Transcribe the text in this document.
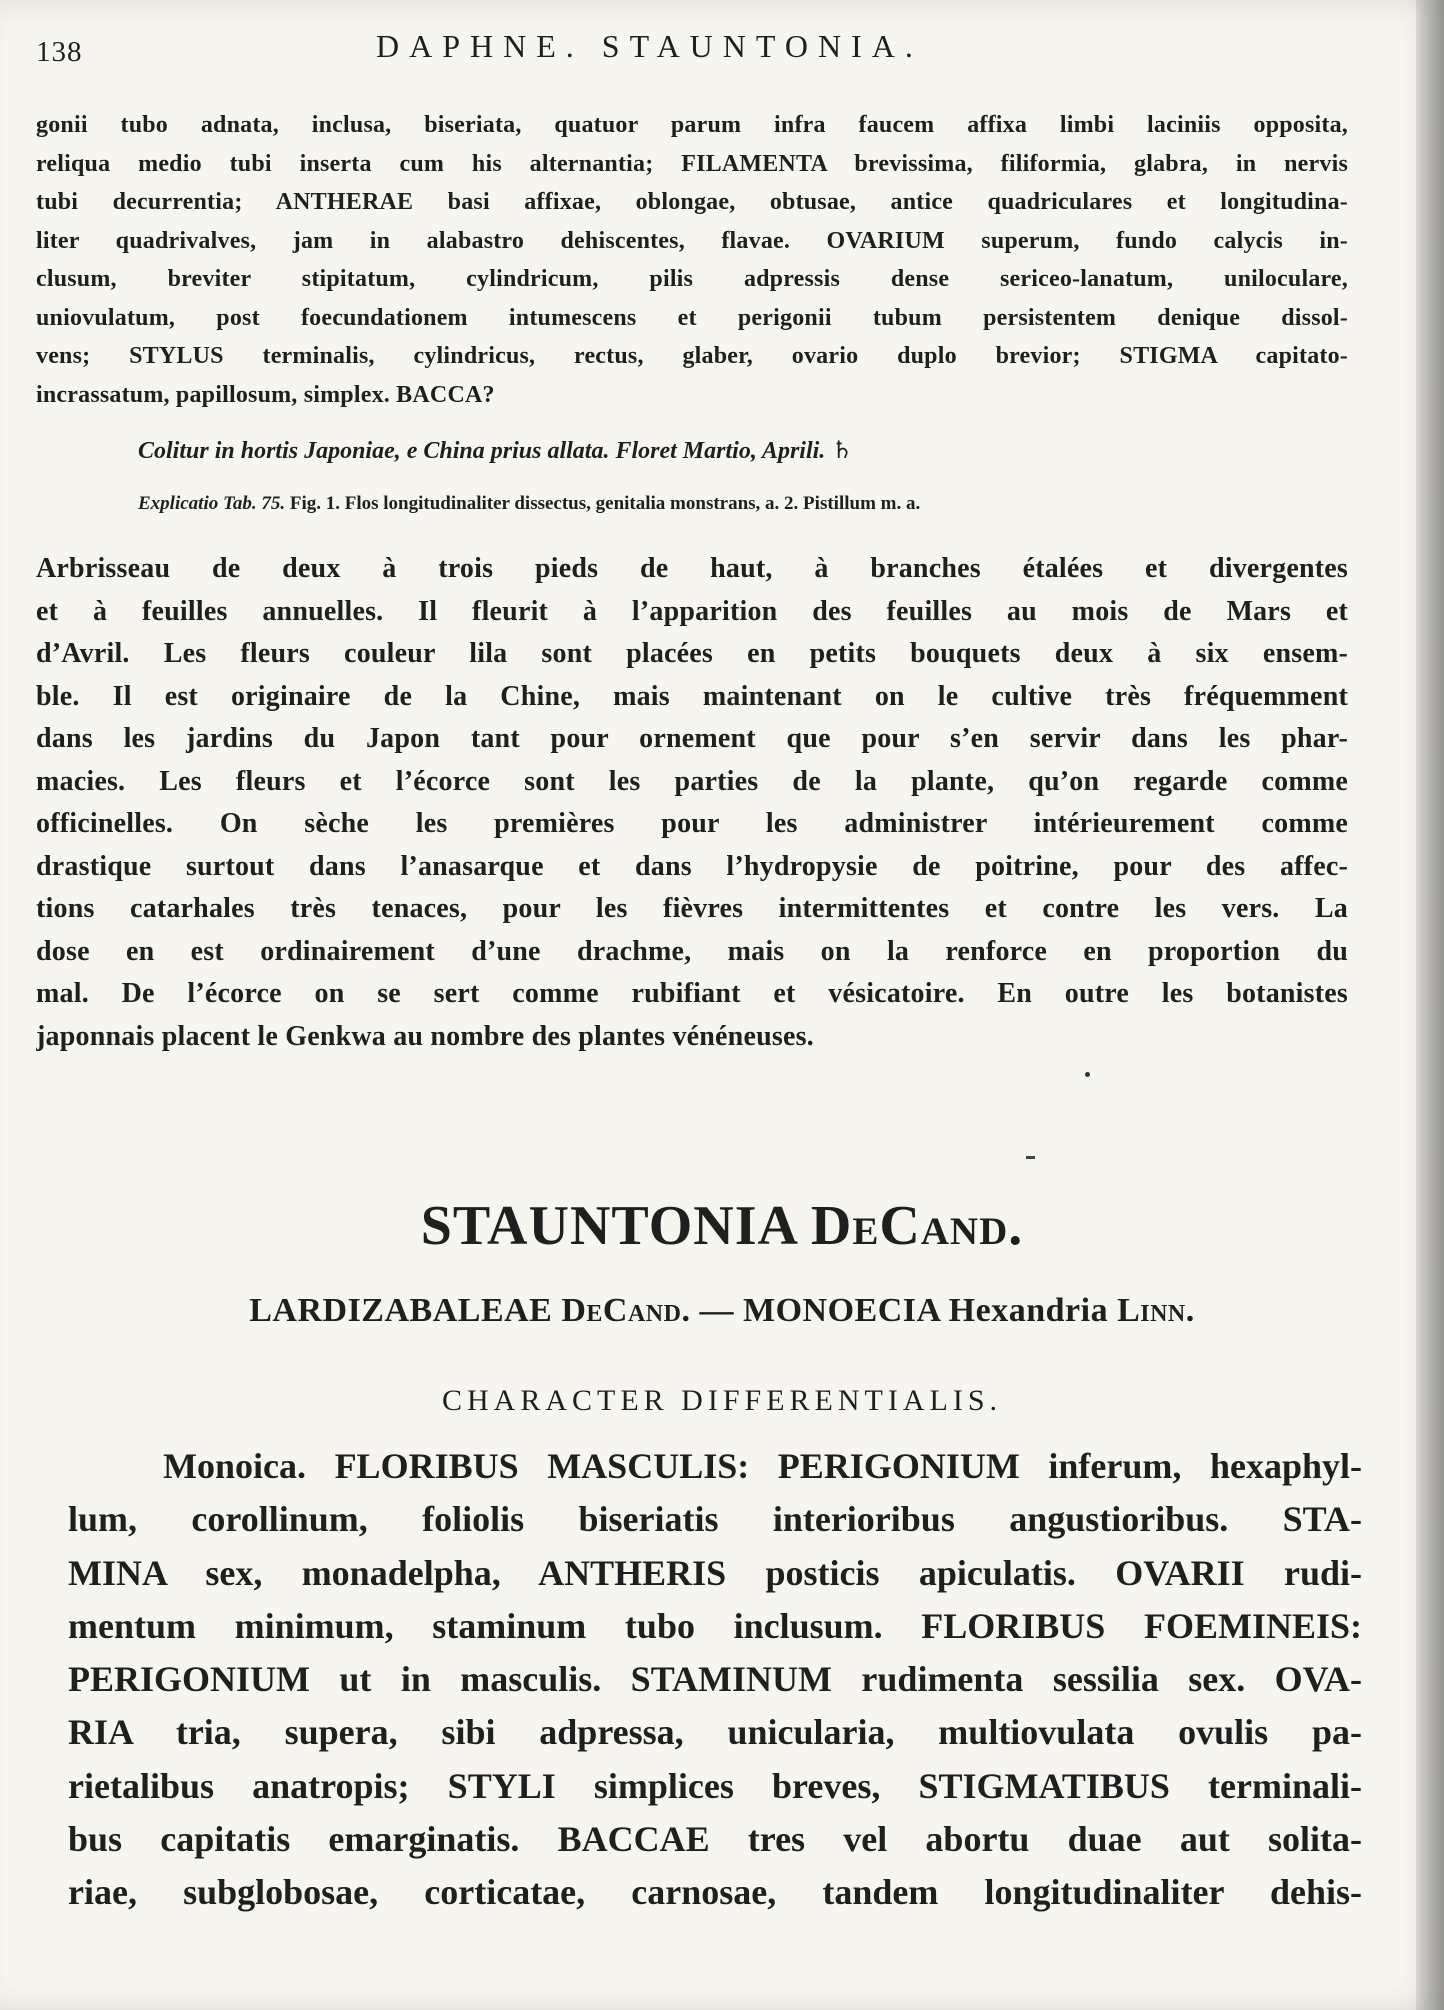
138	DAPHNE. STAUNTONIA.
gonii tubo adnata, inclusa, biseriata, quatuor parum infra faucem affixa limbi laciniis opposita,
reliqua medio tubi inserta cum his alternantia; FILAMENTA brevissima, filiformia, glabra, in nervis
tubi decurrentia; ANTHERAE basi affixae, oblongae, obtusae, antice quadriculares et longitudina-
liter quadrivalves, jam in alabastro dehiscentes, flavae. OVARIUM superum, fundo calycis in-
clusum, breviter stipitatum, cylindricum, pilis adpressis dense sericeo-lanatum, uniloculare,
uniovulatum, post foecundationem intumescens et perigonii tubum persistentem denique dissol-
vens; STYLUS terminalis, cylindricus, rectus, glaber, ovario duplo brevior; STIGMA capitato-
incrassatum, papillosum, simplex. BACCA?
Colitur in hortis Japoniae, e China prius allata. Floret Martio, Aprili. ♄
Explicatio Tab. 75. Fig. 1. Flos longitudinaliter dissectus, genitalia monstrans, a. 2. Pistillum m. a.
Arbrisseau de deux à trois pieds de haut, à branches étalées et divergentes
et à feuilles annuelles. Il fleurit à l’apparition des feuilles au mois de Mars et
d’Avril. Les fleurs couleur lila sont placées en petits bouquets deux à six ensem-
ble. Il est originaire de la Chine, mais maintenant on le cultive très fréquemment
dans les jardins du Japon tant pour ornement que pour s’en servir dans les phar-
macies. Les fleurs et l’écorce sont les parties de la plante, qu’on regarde comme
officinelles. On sèche les premières pour les administrer intérieurement comme
drastique surtout dans l’anasarque et dans l’hydropysie de poitrine, pour des affec-
tions catarhales très tenaces, pour les fièvres intermittentes et contre les vers. La
dose en est ordinairement d’une drachme, mais on la renforce en proportion du
mal. De l’écorce on se sert comme rubifiant et vésicatoire. En outre les botanistes
japonnais placent le Genkwa au nombre des plantes vénéneuses.
STAUNTONIA DeCand.
LARDIZABALEAE DeCand. — MONOECIA Hexandria Linn.
CHARACTER DIFFERENTIALIS.
Monoica. FLORIBUS MASCULIS: PERIGONIUM inferum, hexaphyl-
lum, corollinum, foliolis biseriatis interioribus angustioribus. STA-
MINA sex, monadelpha, ANTHERIS posticis apiculatis. OVARII rudi-
mentum minimum, staminum tubo inclusum. FLORIBUS FOEMINEIS:
PERIGONIUM ut in masculis. STAMINUM rudimenta sessilia sex. OVA-
RIA tria, supera, sibi adpressa, unicularia, multiovulata ovulis pa-
rietalibus anatropis; STYLI simplices breves, STIGMATIBUS terminali-
bus capitatis emarginatis. BACCAE tres vel abortu duae aut solita-
riae, subglobosae, corticatae, carnosae, tandem longitudinaliter dehis-
